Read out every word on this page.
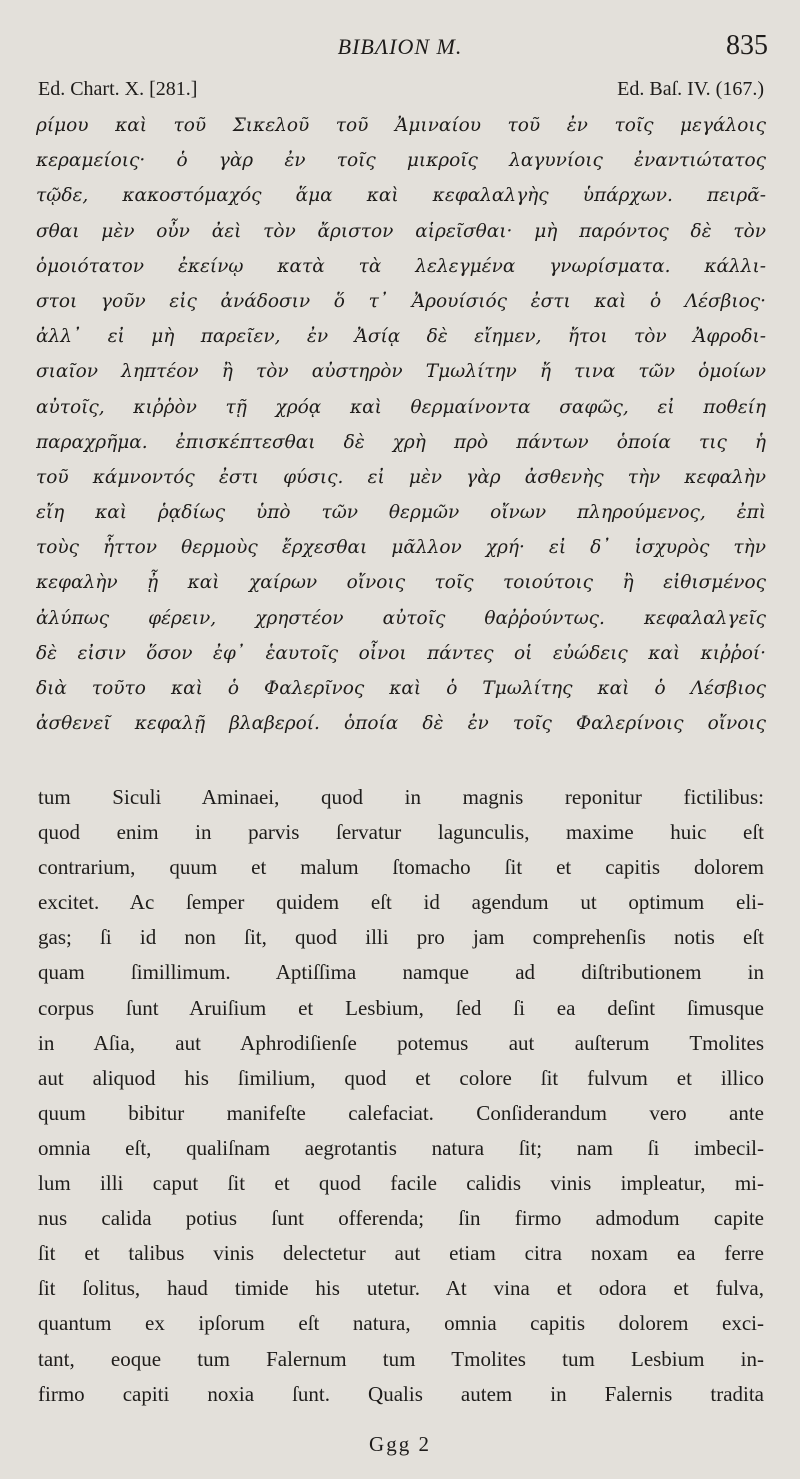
ΒΙΒΛΙΟΝ Μ.	835
Ed. Chart. X. [281.]	Ed. Baſ. IV. (167.)
ρίμου καὶ τοῦ Σικελοῦ τοῦ Ἀμιναίου τοῦ ἐν τοῖς μεγάλοις
κεραμείοις· ὁ γὰρ ἐν τοῖς μικροῖς λαγυνίοις ἐναντιώτατος
τῷδε, κακοστόμαχός ἅμα καὶ κεφαλαλγὴς ὑπάρχων. πειρᾶ-
σθαι μὲν οὖν ἀεὶ τὸν ἄριστον αἱρεῖσθαι· μὴ παρόντος δὲ τὸν
ὁμοιότατον ἐκείνῳ κατὰ τὰ λελεγμένα γνωρίσματα. κάλλι-
στοι γοῦν εἰς ἀνάδοσιν ὅ τ᾽ Ἀρουίσιός ἐστι καὶ ὁ Λέσβιος·
ἀλλ᾽ εἰ μὴ παρεῖεν, ἐν Ἀσίᾳ δὲ εἴημεν, ἤτοι τὸν Ἀφροδι-
σιαῖον ληπτέον ἢ τὸν αὐστηρὸν Τμωλίτην ἤ τινα τῶν ὁμοίων
αὐτοῖς, κιῤῥὸν τῇ χρόᾳ καὶ θερμαίνοντα σαφῶς, εἰ ποθείη
παραχρῆμα. ἐπισκέπτεσθαι δὲ χρὴ πρὸ πάντων ὁποία τις ἡ
τοῦ κάμνοντός ἐστι φύσις. εἰ μὲν γὰρ ἀσθενὴς τὴν κεφαλὴν
εἴη καὶ ῥᾳδίως ὑπὸ τῶν θερμῶν οἴνων πληρούμενος, ἐπὶ
τοὺς ἧττον θερμοὺς ἔρχεσθαι μᾶλλον χρή· εἰ δ᾽ ἰσχυρὸς τὴν
κεφαλὴν ᾖ καὶ χαίρων οἴνοις τοῖς τοιούτοις ἢ εἰθισμένος
ἀλύπως φέρειν, χρηστέον αὐτοῖς θαῤῥούντως. κεφαλαλγεῖς
δὲ εἰσιν ὅσον ἐφ᾽ ἑαυτοῖς οἶνοι πάντες οἱ εὐώδεις καὶ κιῤῥοί·
διὰ τοῦτο καὶ ὁ Φαλερῖνος καὶ ὁ Τμωλίτης καὶ ὁ Λέσβιος
ἀσθενεῖ κεφαλῇ βλαβεροί. ὁποία δὲ ἐν τοῖς Φαλερίνοις οἴνοις
tum Siculi Aminaei, quod in magnis reponitur fictilibus:
quod enim in parvis ſervatur lagunculis, maxime huic eſt
contrarium, quum et malum ſtomacho ſit et capitis dolorem
excitet. Ac ſemper quidem eſt id agendum ut optimum eli-
gas; ſi id non ſit, quod illi pro jam comprehenſis notis eſt
quam ſimillimum. Aptiſſima namque ad diſtributionem in
corpus ſunt Aruiſium et Lesbium, ſed ſi ea deſint ſimusque
in Aſia, aut Aphrodiſienſe potemus aut auſterum Tmolites
aut aliquod his ſimilium, quod et colore ſit fulvum et illico
quum bibitur manifeſte calefaciat. Conſiderandum vero ante
omnia eſt, qualiſnam aegrotantis natura ſit; nam ſi imbecil-
lum illi caput ſit et quod facile calidis vinis impleatur, mi-
nus calida potius ſunt offerenda; ſin firmo admodum capite
ſit et talibus vinis delectetur aut etiam citra noxam ea ferre
ſit ſolitus, haud timide his utetur. At vina et odora et fulva,
quantum ex ipſorum eſt natura, omnia capitis dolorem exci-
tant, eoque tum Falernum tum Tmolites tum Lesbium in-
firmo capiti noxia ſunt. Qualis autem in Falernis tradita
Ggg 2
